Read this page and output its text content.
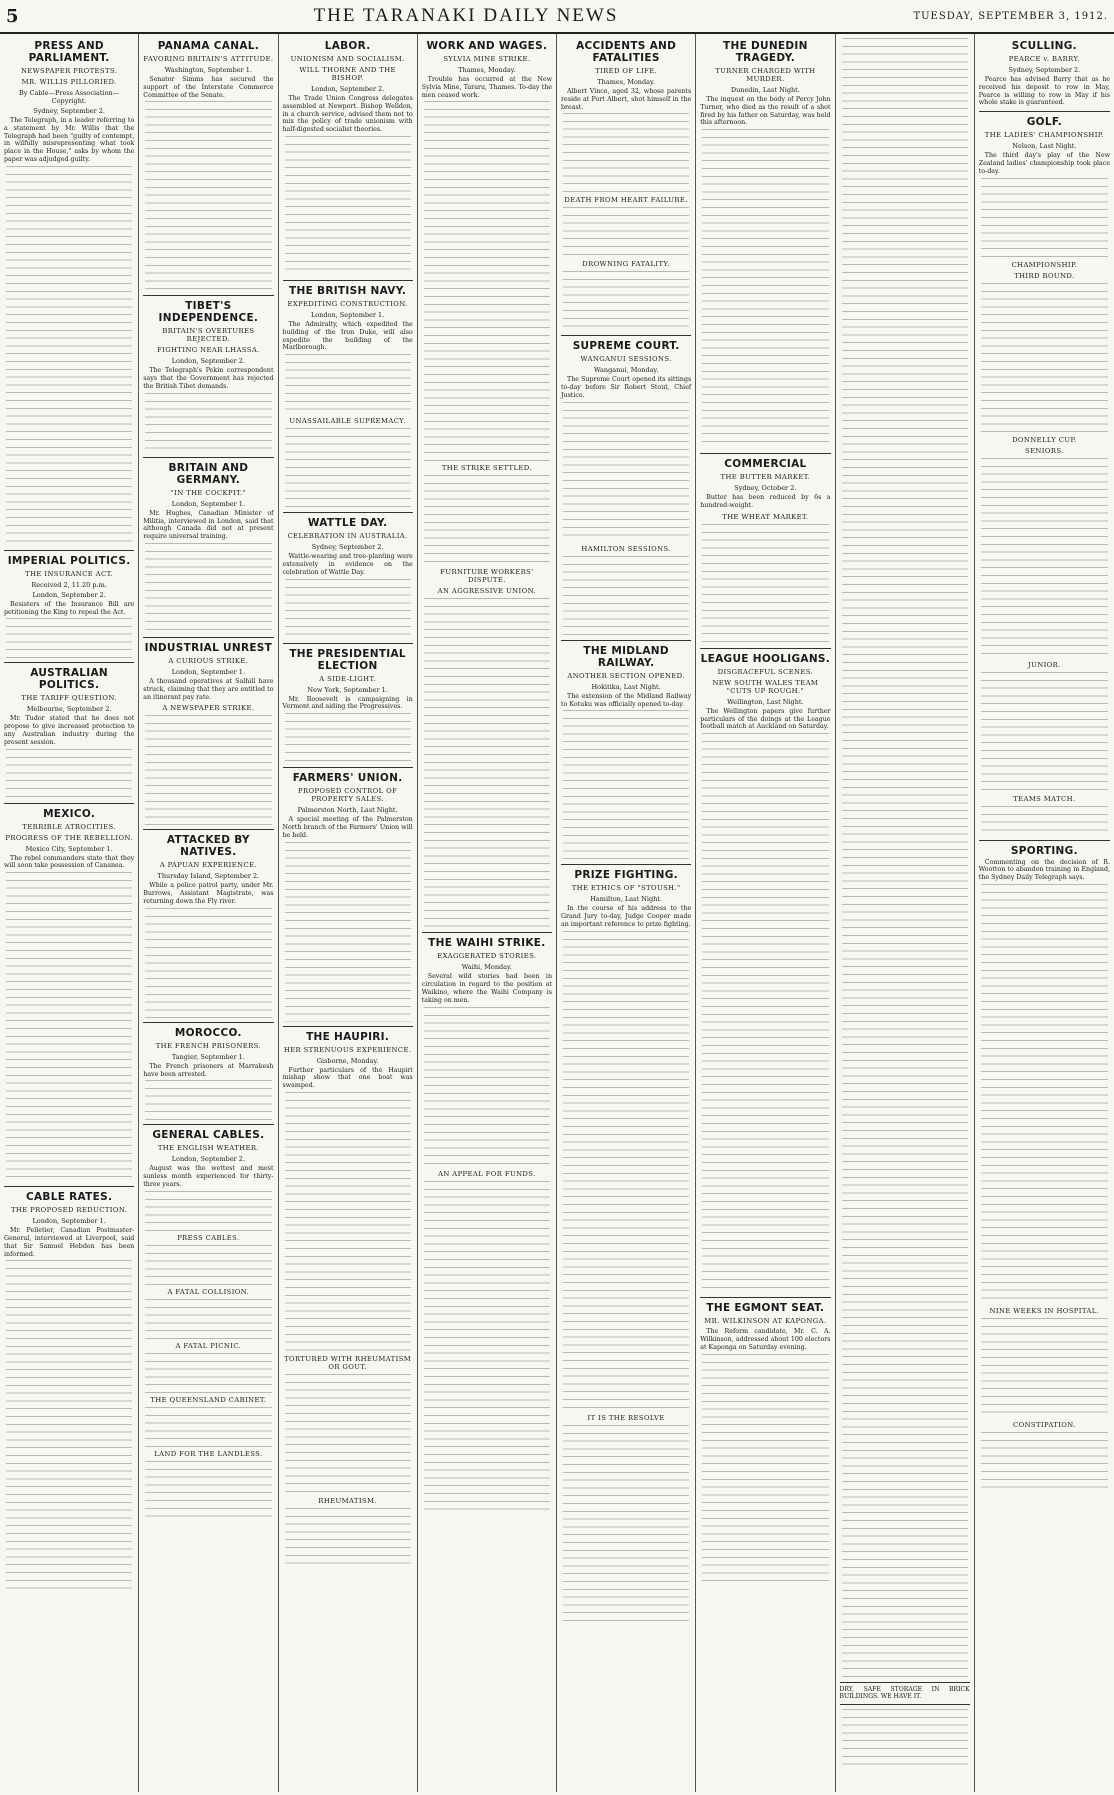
5	THE TARANAKI DAILY NEWS	TUESDAY, SEPTEMBER 3, 1912.
PRESS AND PARLIAMENT.
NEWSPAPER PROTESTS.
MR. WILLIS PILLORIED.
By Cable—Press Association—Copyright.
Sydney, September 2.

The Telegraph, in a leader referring to a statement by Mr. Willis that the Telegraph had been "guilty of contempt, in wilfully misrepresenting what took place in the House," asks by whom the paper was adjudged guilty.

IMPERIAL POLITICS.
THE INSURANCE ACT.
Received 2, 11.20 p.m.
London, September 2.

Resisters of the Insurance Bill are petitioning the King to repeal the Act.

AUSTRALIAN POLITICS.
THE TARIFF QUESTION.
Melbourne, September 2.

Mr. Tudor stated that he does not propose to give increased protection to any Australian industry during the present session.

MEXICO.
TERRIBLE ATROCITIES.
PROGRESS OF THE REBELLION.
Mexico City, September 1.

The rebel commanders state that they will soon take possession of Cananea.

CABLE RATES.
THE PROPOSED REDUCTION.
London, September 1.

Mr. Pelletier, Canadian Postmaster-General, interviewed at Liverpool, said that Sir Samuel Hebden has been informed.

PANAMA CANAL.
FAVORING BRITAIN'S ATTITUDE.
Washington, September 1.

Senator Simms has secured the support of the Interstate Commerce Committee of the Senate.

TIBET'S INDEPENDENCE.
BRITAIN'S OVERTURES REJECTED.
FIGHTING NEAR LHASSA.
London, September 2.

The Telegraph's Pekin correspondent says that the Government has rejected the British Tibet demands.

BRITAIN AND GERMANY.
"IN THE COCKPIT."
London, September 1.

Mr. Hughes, Canadian Minister of Militia, interviewed in London, said that although Canada did not at present require universal training.

INDUSTRIAL UNREST
A CURIOUS STRIKE.
London, September 1.

A thousand operatives at Salhill have struck, claiming that they are entitled to an itinerant pay rate.

A NEWSPAPER STRIKE.
ATTACKED BY NATIVES.
A PAPUAN EXPERIENCE.
Thursday Island, September 2.

While a police patrol party, under Mr. Burrows, Assistant Magistrate, was returning down the Fly river.

MOROCCO.
THE FRENCH PRISONERS.
Tangier, September 1.

The French prisoners at Marrakesh have been arrested.

GENERAL CABLES.
THE ENGLISH WEATHER.
London, September 2.

August was the wettest and most sunless month experienced for thirty-three years.

PRESS CABLES.
A FATAL COLLISION.
A FATAL PICNIC.
THE QUEENSLAND CABINET.
LAND FOR THE LANDLESS.
LABOR.
UNIONISM AND SOCIALISM.
WILL THORNE AND THE BISHOP.
London, September 2.

The Trade Union Congress delegates assembled at Newport. Bishop Welldon, in a church service, advised them not to mix the policy of trade unionism with half-digested socialist theories.

THE BRITISH NAVY.
EXPEDITING CONSTRUCTION.
London, September 1.

The Admiralty, which expedited the building of the Iron Duke, will also expedite the building of the Marlborough.

UNASSAILABLE SUPREMACY.
WATTLE DAY.
CELEBRATION IN AUSTRALIA.
Sydney, September 2.

Wattle-wearing and tree-planting were extensively in evidence on the celebration of Wattle Day.

THE PRESIDENTIAL ELECTION
A SIDE-LIGHT.
New York, September 1.

Mr. Roosevelt is campaigning in Vermont and aiding the Progressives.

FARMERS' UNION.
PROPOSED CONTROL OF PROPERTY SALES.
Palmerston North, Last Night.

A special meeting of the Palmerston North branch of the Farmers' Union will be held.

THE HAUPIRI.
HER STRENUOUS EXPERIENCE.
Gisborne, Monday.

Further particulars of the Haupiri mishap show that one boat was swamped.

TORTURED WITH RHEUMATISM OR GOUT.
RHEUMATISM.
WORK AND WAGES.
SYLVIA MINE STRIKE.
Thames, Monday.

Trouble has occurred at the New Sylvia Mine, Tararu, Thames. To-day the men ceased work.

THE STRIKE SETTLED.
FURNITURE WORKERS' DISPUTE.
AN AGGRESSIVE UNION.
THE WAIHI STRIKE.
EXAGGERATED STORIES.
Waihi, Monday.

Several wild stories had been in circulation in regard to the position at Waikino, where the Waihi Company is taking on men.

AN APPEAL FOR FUNDS.
ACCIDENTS AND FATALITIES
TIRED OF LIFE.
Thames, Monday.

Albert Vince, aged 32, whose parents reside at Port Albert, shot himself in the breast.

DEATH FROM HEART FAILURE.
DROWNING FATALITY.
SUPREME COURT.
WANGANUI SESSIONS.
Wanganui, Monday.

The Supreme Court opened its sittings to-day before Sir Robert Stout, Chief Justice.

HAMILTON SESSIONS.
THE MIDLAND RAILWAY.
ANOTHER SECTION OPENED.
Hokitika, Last Night.

The extension of the Midland Railway to Kotuku was officially opened to-day.

PRIZE FIGHTING.
THE ETHICS OF "STOUSH."
Hamilton, Last Night.

In the course of his address to the Grand Jury to-day, Judge Cooper made an important reference to prize fighting.

IT IS THE RESOLVE
THE DUNEDIN TRAGEDY.
TURNER CHARGED WITH MURDER.
Dunedin, Last Night.

The inquest on the body of Percy John Turner, who died as the result of a shot fired by his father on Saturday, was held this afternoon.

COMMERCIAL
THE BUTTER MARKET.
Sydney, October 2.

Butter has been reduced by 6s a hundred-weight.

THE WHEAT MARKET.
LEAGUE HOOLIGANS.
DISGRACEFUL SCENES.
NEW SOUTH WALES TEAM "CUTS UP ROUGH."
Wellington, Last Night.

The Wellington papers give further particulars of the doings at the League football match at Auckland on Saturday.

THE EGMONT SEAT.
MR. WILKINSON AT KAPONGA.

The Reform candidate, Mr. C. A. Wilkinson, addressed about 100 electors at Kaponga on Saturday evening.

DRY, SAFE STORAGE IN BRICK BUILDINGS. WE HAVE IT.
SCULLING.
PEARCE v. BARRY.
Sydney, September 2.

Pearce has advised Barry that as he received his deposit to row in May, Pearce is willing to row in May if his whole stake is guaranteed.

GOLF.
THE LADIES' CHAMPIONSHIP.
Nelson, Last Night.

The third day's play of the New Zealand ladies' championship took place to-day.

CHAMPIONSHIP.
THIRD ROUND.
DONNELLY CUP.
SENIORS.
JUNIOR.
TEAMS MATCH.
SPORTING.

Commenting on the decision of R. Wootton to abandon training in England, the Sydney Daily Telegraph says.

NINE WEEKS IN HOSPITAL.
CONSTIPATION.
